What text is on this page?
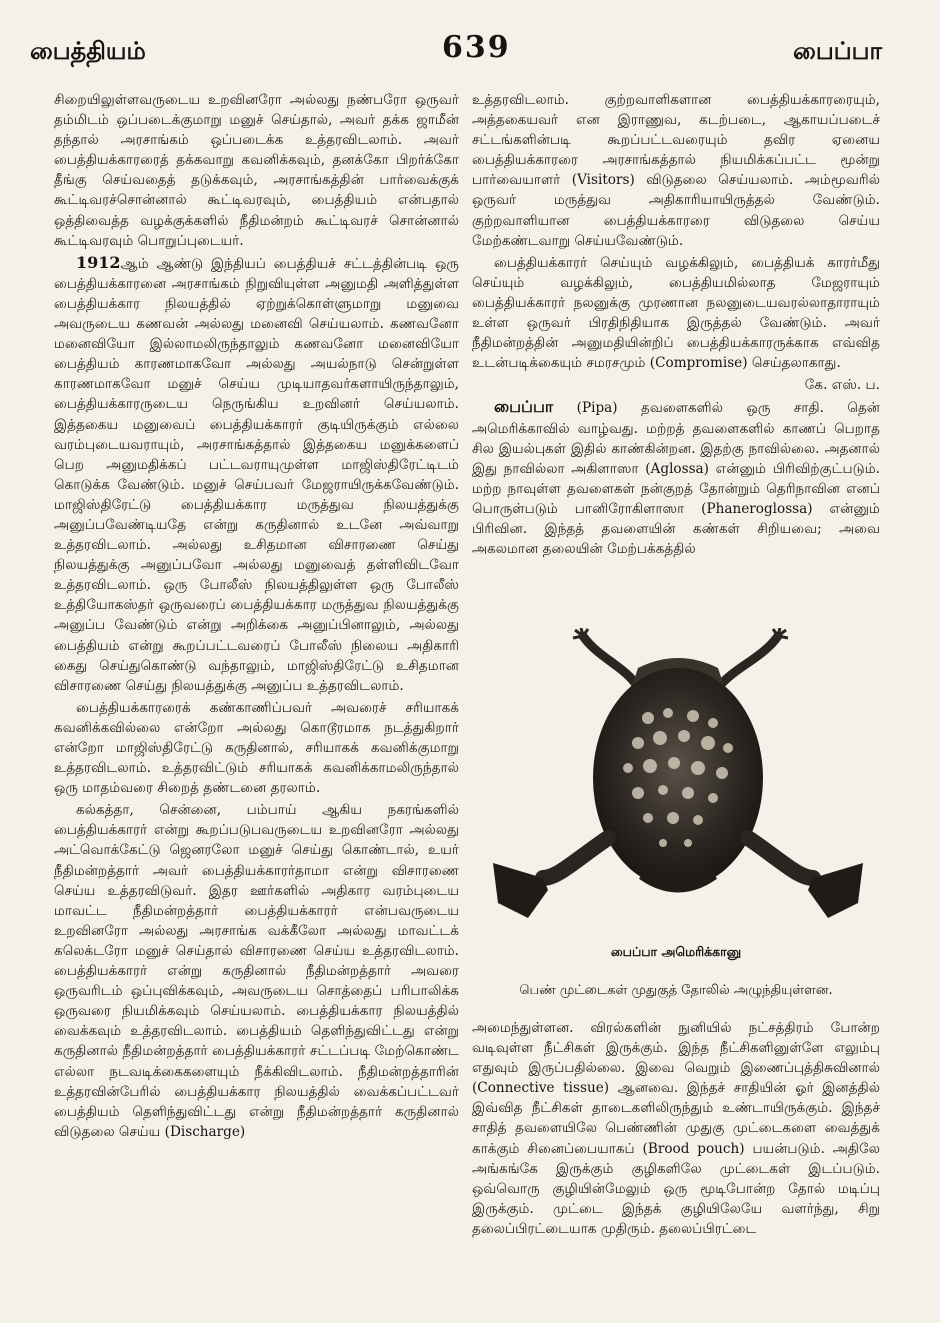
பைத்தியம்	639	பைப்பா

சிறையிலுள்ளவருடைய உறவினரோ அல்லது நண்பரோ ஒருவர் தம்மிடம் ஒப்படைக்குமாறு மனுச் செய்தால், அவர் தக்க ஜாமீன் தந்தால் அரசாங்கம் ஒப்படைக்க உத்தரவிடலாம். அவர் பைத்தியக்காரரைத் தக்கவாறு கவனிக்கவும், தனக்கோ பிறர்க்கோ தீங்கு செய்வதைத் தடுக்கவும், அரசாங்கத்தின் பார்வைக்குக் கூட்டிவரச்சொன்னால் கூட்டிவரவும், பைத்தியம் என்பதால் ஒத்திவைத்த வழக்குக்களில் நீதிமன்றம் கூட்டிவரச் சொன்னால் கூட்டிவரவும் பொறுப்புடையர்.

1912ஆம் ஆண்டு இந்தியப் பைத்தியச் சட்டத்தின்படி ஒரு பைத்தியக்காரனை அரசாங்கம் நிறுவியுள்ள அனுமதி அளித்துள்ள பைத்தியக்கார நிலயத்தில் ஏற்றுக்கொள்ளுமாறு மனுவை அவருடைய கணவன் அல்லது மனைவி செய்யலாம். கணவனோ மனைவியோ இல்லாமலிருந்தாலும் கணவனோ மனைவியோ பைத்தியம் காரணமாகவோ அல்லது அயல்நாடு சென்றுள்ள காரணமாகவோ மனுச் செய்ய முடியாதவர்களாயிருந்தாலும், பைத்தியக்காரருடைய நெருங்கிய உறவினர் செய்யலாம். இத்தகைய மனுவைப் பைத்தியக்காரர் குடியிருக்கும் எல்லை வரம்புடையவராயும், அரசாங்கத்தால் இத்தகைய மனுக்களைப் பெற அனுமதிக்கப் பட்டவராயுமுள்ள மாஜிஸ்திரேட்டிடம் கொடுக்க வேண்டும். மனுச் செய்பவர் மேஜராயிருக்கவேண்டும். மாஜிஸ்திரேட்டு பைத்தியக்கார மருத்துவ நிலயத்துக்கு அனுப்பவேண்டியதே என்று கருதினால் உடனே அவ்வாறு உத்தரவிடலாம். அல்லது உசிதமான விசாரணை செய்து நிலயத்துக்கு அனுப்பவோ அல்லது மனுவைத் தள்ளிவிடவோ உத்தரவிடலாம். ஒரு போலீஸ் நிலயத்திலுள்ள ஒரு போலீஸ் உத்தியோகஸ்தர் ஒருவரைப் பைத்தியக்கார மருத்துவ நிலயத்துக்கு அனுப்ப வேண்டும் என்று அறிக்கை அனுப்பினாலும், அல்லது பைத்தியம் என்று கூறப்பட்டவரைப் போலீஸ் நிலைய அதிகாரி கைது செய்துகொண்டு வந்தாலும், மாஜிஸ்திரேட்டு உசிதமான விசாரணை செய்து நிலயத்துக்கு அனுப்ப உத்தரவிடலாம்.

பைத்தியக்காரரைக் கண்காணிப்பவர் அவரைச் சரியாகக் கவனிக்கவில்லை என்றோ அல்லது கொடூரமாக நடத்துகிறார் என்றோ மாஜிஸ்திரேட்டு கருதினால், சரியாகக் கவனிக்குமாறு உத்தரவிடலாம். உத்தரவிட்டும் சரியாகக் கவனிக்காமலிருந்தால் ஒரு மாதம்வரை சிறைத் தண்டனை தரலாம்.

கல்கத்தா, சென்னை, பம்பாய் ஆகிய நகரங்களில் பைத்தியக்காரர் என்று கூறப்படுபவருடைய உறவினரோ அல்லது அட்வொக்கேட்டு ஜெனரலோ மனுச் செய்து கொண்டால், உயர் நீதிமன்றத்தார் அவர் பைத்தியக்காரர்தாமா என்று விசாரணை செய்ய உத்தரவிடுவர். இதர ஊர்களில் அதிகார வரம்புடைய மாவட்ட நீதிமன்றத்தார் பைத்தியக்காரர் என்பவருடைய உறவினரோ அல்லது அரசாங்க வக்கீலோ அல்லது மாவட்டக் கலெக்டரோ மனுச் செய்தால் விசாரணை செய்ய உத்தரவிடலாம். பைத்தியக்காரர் என்று கருதினால் நீதிமன்றத்தார் அவரை ஒருவரிடம் ஒப்புவிக்கவும், அவருடைய சொத்தைப் பரிபாலிக்க ஒருவரை நியமிக்கவும் செய்யலாம். பைத்தியக்கார நிலயத்தில் வைக்கவும் உத்தரவிடலாம். பைத்தியம் தெளிந்துவிட்டது என்று கருதினால் நீதிமன்றத்தார் பைத்தியக்காரர் சட்டப்படி மேற்கொண்ட எல்லா நடவடிக்கைகளையும் நீக்கிவிடலாம். நீதிமன்றத்தாரின் உத்தரவின்பேரில் பைத்தியக்கார நிலயத்தில் வைக்கப்பட்டவர் பைத்தியம் தெளிந்துவிட்டது என்று நீதிமன்றத்தார் கருதினால் விடுதலை செய்ய (Discharge)

உத்தரவிடலாம். குற்றவாளிகளான பைத்தியக்காரரையும், அத்தகையவர் என இராணுவ, கடற்படை, ஆகாயப்படைச் சட்டங்களின்படி கூறப்பட்டவரையும் தவிர ஏனைய பைத்தியக்காரரை அரசாங்கத்தால் நியமிக்கப்பட்ட மூன்று பார்வையாளர் (Visitors) விடுதலை செய்யலாம். அம்மூவரில் ஒருவர் மருத்துவ அதிகாரியாயிருத்தல் வேண்டும். குற்றவாளியான பைத்தியக்காரரை விடுதலை செய்ய மேற்கண்டவாறு செய்யவேண்டும்.

பைத்தியக்காரர் செய்யும் வழக்கிலும், பைத்தியக் காரர்மீது செய்யும் வழக்கிலும், பைத்தியமில்லாத மேஜராயும் பைத்தியக்காரர் நலனுக்கு முரணான நலனுடையவரல்லாதாராயும் உள்ள ஒருவர் பிரதிநிதியாக இருத்தல் வேண்டும். அவர் நீதிமன்றத்தின் அனுமதியின்றிப் பைத்தியக்காரருக்காக எவ்வித உடன்படிக்கையும் சமரசமும் (Compromise) செய்தலாகாது.

கே. எஸ். ப.

பைப்பா (Pipa) தவளைகளில் ஒரு சாதி. தென் அமெரிக்காவில் வாழ்வது. மற்றத் தவளைகளில் காணப் பெறாத சில இயல்புகள் இதில் காண்கின்றன. இதற்கு நாவில்லை. அதனால் இது நாவில்லா அகிளாஸா (Aglossa) என்னும் பிரிவிற்குட்படும். மற்ற நாவுள்ள தவளைகள் நன்குறத் தோன்றும் தெரிநாவின எனப் பொருள்படும் பானிரோகிளாஸா (Phaneroglossa) என்னும் பிரிவின. இந்தத் தவளையின் கண்கள் சிறியவை; அவை அகலமான தலையின் மேற்பக்கத்தில்

பைப்பா அமெரிக்கானு
பெண் முட்டைகள் முதுகுத் தோலில் அழுந்தியுள்ளன.

அமைந்துள்ளன. விரல்களின் நுனியில் நட்சத்திரம் போன்ற வடிவுள்ள நீட்சிகள் இருக்கும். இந்த நீட்சிகளினுள்ளே எலும்பு எதுவும் இருப்பதில்லை. இவை வெறும் இணைப்புத்திசுவினால் (Connective tissue) ஆனவை. இந்தச் சாதியின் ஓர் இனத்தில் இவ்வித நீட்சிகள் தாடைகளிலிருந்தும் உண்டாயிருக்கும். இந்தச் சாதித் தவளையிலே பெண்ணின் முதுகு முட்டைகளை வைத்துக் காக்கும் சினைப்பையாகப் (Brood pouch) பயன்படும். அதிலே அங்கங்கே இருக்கும் குழிகளிலே முட்டைகள் இடப்படும். ஒவ்வொரு குழியின்மேலும் ஒரு மூடிபோன்ற தோல் மடிப்பு இருக்கும். முட்டை இந்தக் குழியிலேயே வளர்ந்து, சிறு தலைப்பிரட்டையாக முதிரும். தலைப்பிரட்டை
